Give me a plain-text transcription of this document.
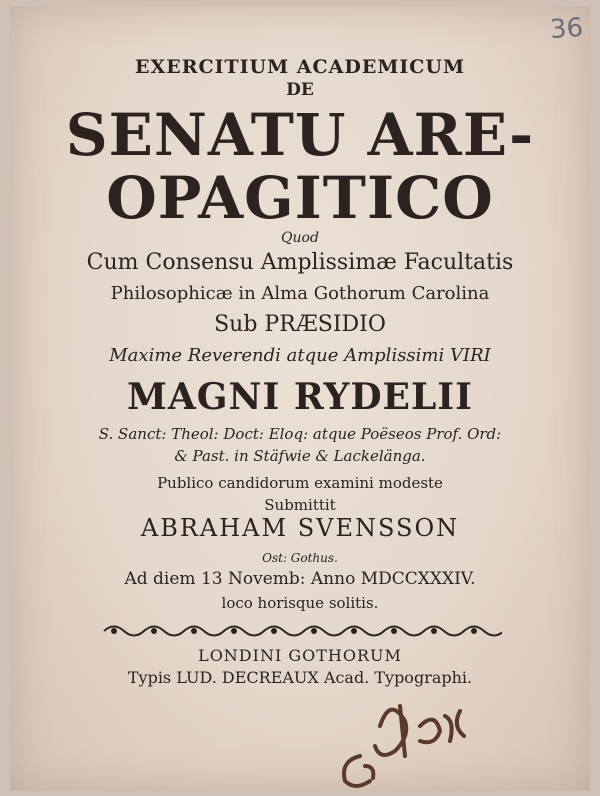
36
EXERCITIUM ACADEMICUM
DE
SENATU ARE-
OPAGITICO
Quod
Cum Consensu Amplissimæ Facultatis
Philosophicæ in Alma Gothorum Carolina
Sub PRÆSIDIO
Maxime Reverendi atque Amplissimi VIRI
MAGNI RYDELII
S. Sanct: Theol: Doct: Eloq: atque Poëseos Prof. Ord:
& Past. in Stäfwie & Lackelänga.
Publico candidorum examini modeste
Submittit
ABRAHAM SVENSSON
Ost: Gothus.
Ad diem 13 Novemb: Anno MDCCXXXIV.
loco horisque solitis.
LONDINI GOTHORUM
Typis LUD. DECREAUX Acad. Typographi.
